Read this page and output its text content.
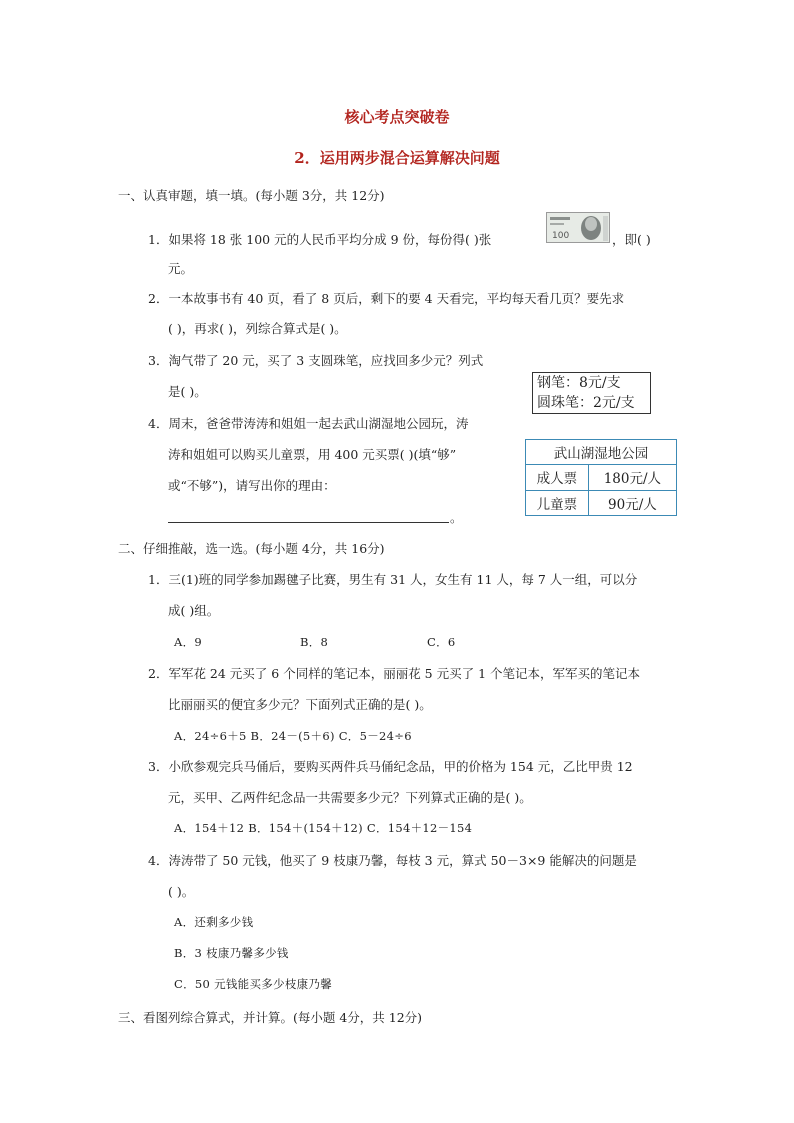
核心考点突破卷
2．运用两步混合运算解决问题
一、认真审题，填一填。(每小题 3分，共 12分)
1．如果将 18 张 100 元的人民币平均分成 9 份，每份得( )张	100	，即( )
元。
2．一本故事书有 40 页，看了 8 页后，剩下的要 4 天看完，平均每天看几页？要先求
( )，再求( )，列综合算式是( )。
3．淘气带了 20 元，买了 3 支圆珠笔，应找回多少元？列式
是( )。
钢笔：8元/支
圆珠笔：2元/支
4．周末，爸爸带涛涛和姐姐一起去武山湖湿地公园玩，涛
涛和姐姐可以购买儿童票，用 400 元买票( )(填“够”
或“不够”)，请写出你的理由：
。
武山湖湿地公园	
成人票	180元/人
儿童票	90元/人
二、仔细推敲，选一选。(每小题 4分，共 16分)
1．三(1)班的同学参加踢毽子比赛，男生有 31 人，女生有 11 人，每 7 人一组，可以分
成( )组。
A．9	B．8	C．6
2．军军花 24 元买了 6 个同样的笔记本，丽丽花 5 元买了 1 个笔记本，军军买的笔记本
比丽丽买的便宜多少元？下面列式正确的是( )。
A．24÷6＋5 B．24－(5＋6) C．5－24÷6
3．小欣参观完兵马俑后，要购买两件兵马俑纪念品，甲的价格为 154 元，乙比甲贵 12
元，买甲、乙两件纪念品一共需要多少元？下列算式正确的是( )。
A．154＋12 B．154＋(154＋12) C．154＋12－154
4．涛涛带了 50 元钱，他买了 9 枝康乃馨，每枝 3 元，算式 50－3×9 能解决的问题是
( )。
A．还剩多少钱
B．3 枝康乃馨多少钱
C．50 元钱能买多少枝康乃馨
三、看图列综合算式，并计算。(每小题 4分，共 12分)
